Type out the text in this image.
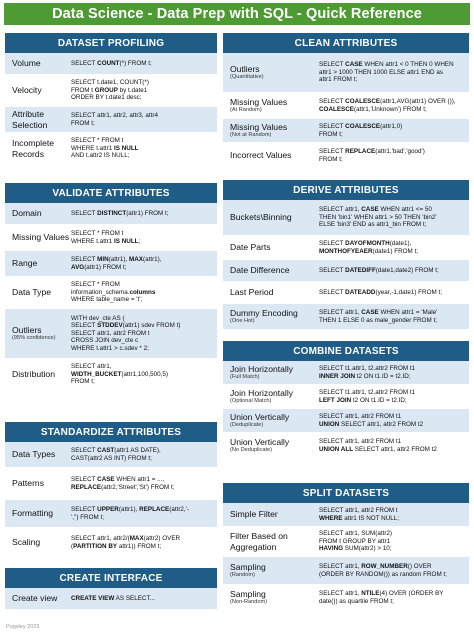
Data Science - Data Prep with SQL - Quick Reference
DATASET PROFILING
Volume	SELECT COUNT(*) FROM t;
Velocity
SELECT t.date1, COUNT(*)
FROM t GROUP by t.date1
ORDER BY t.date1 desc;
Attribute Selection
SELECT attr1, attr2, attr3, attr4
FROM t;
Incomplete Records
SELECT * FROM t
WHERE t.attr1 IS NULL
AND t.attr2 IS NULL;
VALIDATE ATTRIBUTES
Domain	SELECT DISTINCT(attr1) FROM t;
Missing Values SELECT * FROM t
WHERE t.attr1 IS NULL;
Range	SELECT MIN(attr1), MAX(attr1),
AVG(attr1) FROM t;
Data Type
SELECT * FROM
information_schema.columns
WHERE table_name = 't';
Outliers
(95% confidence)
WITH dev_cte AS (
SELECT STDDEV(attr1) sdev FROM t)
SELECT attr1, attr2 FROM t
CROSS JOIN dev_cte c
WHERE t.attr1 > c.sdev * 2;
Distribution
SELECT attr1,
WIDTH_BUCKET(attr1,100,500,5)
FROM t;
STANDARDIZE ATTRIBUTES
Data Types	SELECT CAST(attr1 AS DATE),
CAST(attr2 AS INT) FROM t;
Patterns	SELECT CASE WHEN attr1 = ...,
REPLACE(attr2,'Street','St') FROM t;
Formatting	SELECT UPPER(attr1), REPLACE(attr2,'-
','') FROM t;
Scaling	SELECT attr1, attr2/(MAX(attr2) OVER
(PARTITION BY attr1)) FROM t;
CREATE INTERFACE
Create view	CREATE VIEW AS SELECT...
CLEAN ATTRIBUTES
Outliers
(Quantitative)
SELECT CASE WHEN attr1 < 0 THEN 0 WHEN
attr1 > 1000 THEN 1000 ELSE attr1 END as
attr1 FROM t;
Missing Values
(At Random)
SELECT COALESCE(attr1,AVG(attr1) OVER ()),
COALESCE(attr1,'Unknown') FROM t;
Missing Values
(Not at Random)
SELECT COALESCE(attr1,0)
FROM t;
Incorrect Values	SELECT REPLACE(attr1,'bad','good')
FROM t;
DERIVE ATTRIBUTES
Buckets\Binning
SELECT attr1, CASE WHEN attr1 <= 50
THEN 'bin1' WHEN attr1 > 50 THEN 'bin2'
ELSE 'bin3' END as attr1_bin FROM t;
Date Parts	SELECT DAYOFMONTH(date1),
MONTHOFYEAER(date1) FROM t;
Date Difference	SELECT DATEDIFF(date1,date2) FROM t;
Last Period	SELECT DATEADD(year,-1,date1) FROM t;
Dummy Encoding
(One Hot)
SELECT attr1, CASE WHEN attr1 = 'Male'
THEN 1 ELSE 0 as male_gender FROM t;
COMBINE DATASETS
Join Horizontally
(Full Match)
SELECT t1.attr1, t2.attr2 FROM t1
INNER JOIN t2 ON t1.ID = t2.ID;
Join Horizontally
(Optional Match)
SELECT t1.attr1, t2.attr2 FROM t1
LEFT JOIN t2 ON t1.ID = t2.ID;
Union Vertically
(Deduplicate)
SELECT attr1, attr2 FROM t1
UNION SELECT attr1, attr2 FROM t2
Union Vertically
(No Deduplicate)
SELECT attr1, attr2 FROM t1
UNION ALL SELECT attr1, attr2 FROM t2
SPLIT DATASETS
Simple Filter	SELECT attr1, attr2 FROM t
WHERE attr1 IS NOT NULL;
Filter Based on Aggregation
SELECT attr1, SUM(attr2)
FROM t GROUP BY attr1
HAVING SUM(attr2) > 10;
Sampling
(Random)
SELECT attr1, ROW_NUMBER() OVER
(ORDER BY RANDOM()) as random FROM t;
Sampling
(Non-Random)
SELECT attr1, NTILE(4) OVER (ORDER BY
date()) as quartile FROM t;
Pugsley 2023
